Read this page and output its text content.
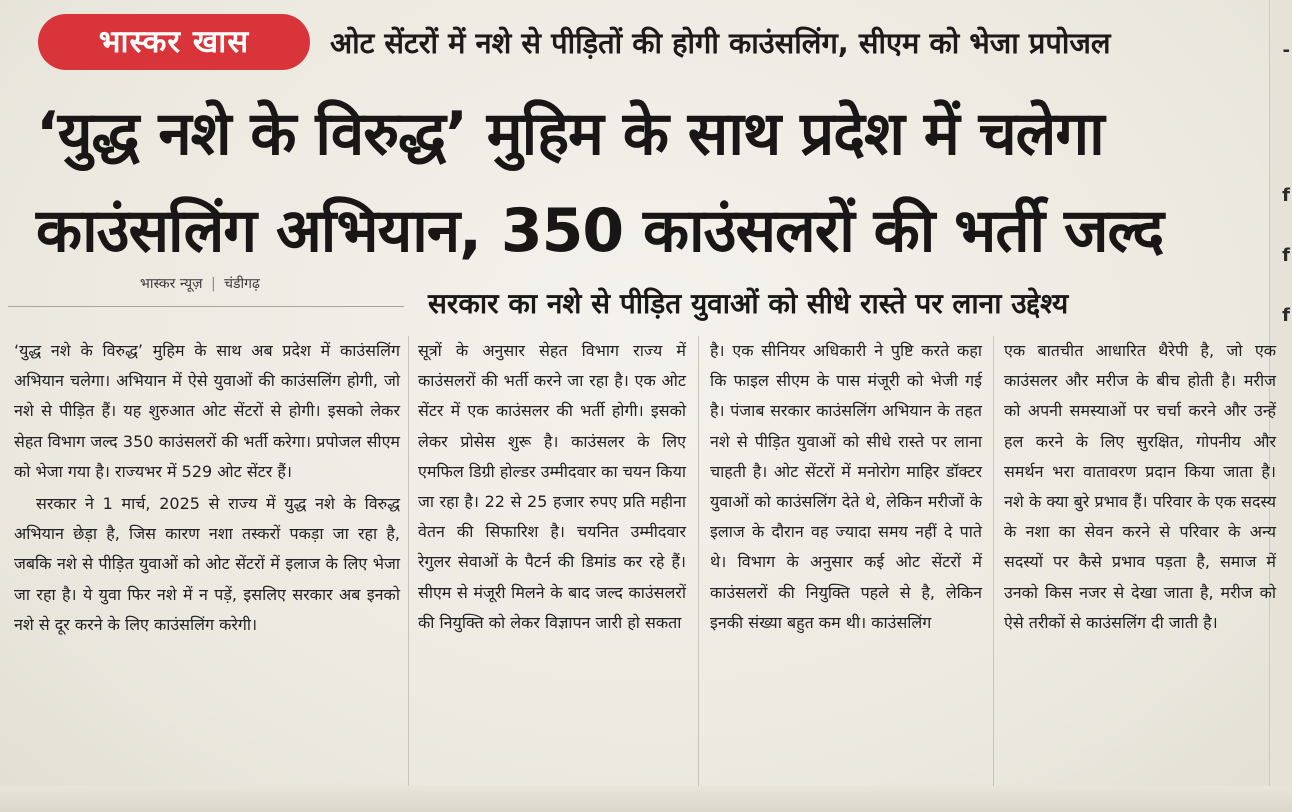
-
f
f
f
भास्कर खास	ओट सेंटरों में नशे से पीड़ितों की होगी काउंसलिंग, सीएम को भेजा प्रपोजल
‘युद्ध नशे के विरुद्ध’ मुहिम के साथ प्रदेश में चलेगा
काउंसलिंग अभियान, 350 काउंसलरों की भर्ती जल्द
भास्कर न्यूज़ | चंडीगढ़
सरकार का नशे से पीड़ित युवाओं को सीधे रास्ते पर लाना उद्देश्य

‘युद्ध नशे के विरुद्ध’ मुहिम के साथ अब प्रदेश में काउंसलिंग अभियान चलेगा। अभियान में ऐसे युवाओं की काउंसलिंग होगी, जो नशे से पीड़ित हैं। यह शुरुआत ओट सेंटरों से होगी। इसको लेकर सेहत विभाग जल्द 350 काउंसलरों की भर्ती करेगा। प्रपोजल सीएम को भेजा गया है। राज्यभर में 529 ओट सेंटर हैं।

सरकार ने 1 मार्च, 2025 से राज्य में युद्ध नशे के विरुद्ध अभियान छेड़ा है, जिस कारण नशा तस्करों पकड़ा जा रहा है, जबकि नशे से पीड़ित युवाओं को ओट सेंटरों में इलाज के लिए भेजा जा रहा है। ये युवा फिर नशे में न पड़ें, इसलिए सरकार अब इनको नशे से दूर करने के लिए काउंसलिंग करेगी।

सूत्रों के अनुसार सेहत विभाग राज्य में काउंसलरों की भर्ती करने जा रहा है। एक ओट सेंटर में एक काउंसलर की भर्ती होगी। इसको लेकर प्रोसेस शुरू है। काउंसलर के लिए एमफिल डिग्री होल्डर उम्मीदवार का चयन किया जा रहा है। 22 से 25 हजार रुपए प्रति महीना वेतन की सिफारिश है। चयनित उम्मीदवार रेगुलर सेवाओं के पैटर्न की डिमांड कर रहे हैं। सीएम से मंजूरी मिलने के बाद जल्द काउंसलरों की नियुक्ति को लेकर विज्ञापन जारी हो सकता

है। एक सीनियर अधिकारी ने पुष्टि करते कहा कि फाइल सीएम के पास मंजूरी को भेजी गई है। पंजाब सरकार काउंसलिंग अभियान के तहत नशे से पीड़ित युवाओं को सीधे रास्ते पर लाना चाहती है। ओट सेंटरों में मनोरोग माहिर डॉक्टर युवाओं को काउंसलिंग देते थे, लेकिन मरीजों के इलाज के दौरान वह ज्यादा समय नहीं दे पाते थे। विभाग के अनुसार कई ओट सेंटरों में काउंसलरों की नियुक्ति पहले से है, लेकिन इनकी संख्या बहुत कम थी। काउंसलिंग

एक बातचीत आधारित थैरेपी है, जो एक काउंसलर और मरीज के बीच होती है। मरीज को अपनी समस्याओं पर चर्चा करने और उन्हें हल करने के लिए सुरक्षित, गोपनीय और समर्थन भरा वातावरण प्रदान किया जाता है। नशे के क्या बुरे प्रभाव हैं। परिवार के एक सदस्य के नशा का सेवन करने से परिवार के अन्य सदस्यों पर कैसे प्रभाव पड़ता है, समाज में उनको किस नजर से देखा जाता है, मरीज को ऐसे तरीकों से काउंसलिंग दी जाती है।
